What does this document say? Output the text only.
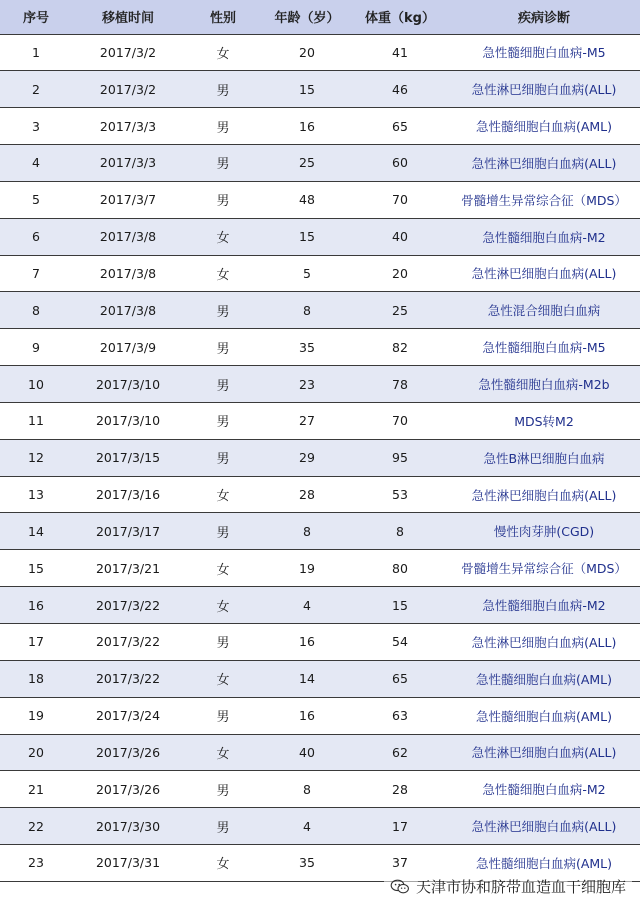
序号	移植时间	性别	年龄（岁）	体重（kg）	疾病诊断
1	2017/3/2	女	20	41	急性髓细胞白血病-M5
2	2017/3/2	男	15	46	急性淋巴细胞白血病(ALL)
3	2017/3/3	男	16	65	急性髓细胞白血病(AML)
4	2017/3/3	男	25	60	急性淋巴细胞白血病(ALL)
5	2017/3/7	男	48	70	骨髓增生异常综合征（MDS）
6	2017/3/8	女	15	40	急性髓细胞白血病-M2
7	2017/3/8	女	5	20	急性淋巴细胞白血病(ALL)
8	2017/3/8	男	8	25	急性混合细胞白血病
9	2017/3/9	男	35	82	急性髓细胞白血病-M5
10	2017/3/10	男	23	78	急性髓细胞白血病-M2b
11	2017/3/10	男	27	70	MDS转M2
12	2017/3/15	男	29	95	急性B淋巴细胞白血病
13	2017/3/16	女	28	53	急性淋巴细胞白血病(ALL)
14	2017/3/17	男	8	8	慢性肉芽肿(CGD)
15	2017/3/21	女	19	80	骨髓增生异常综合征（MDS）
16	2017/3/22	女	4	15	急性髓细胞白血病-M2
17	2017/3/22	男	16	54	急性淋巴细胞白血病(ALL)
18	2017/3/22	女	14	65	急性髓细胞白血病(AML)
19	2017/3/24	男	16	63	急性髓细胞白血病(AML)
20	2017/3/26	女	40	62	急性淋巴细胞白血病(ALL)
21	2017/3/26	男	8	28	急性髓细胞白血病-M2
22	2017/3/30	男	4	17	急性淋巴细胞白血病(ALL)
23	2017/3/31	女	35	37	急性髓细胞白血病(AML)
天津市协和脐带血造血干细胞库
